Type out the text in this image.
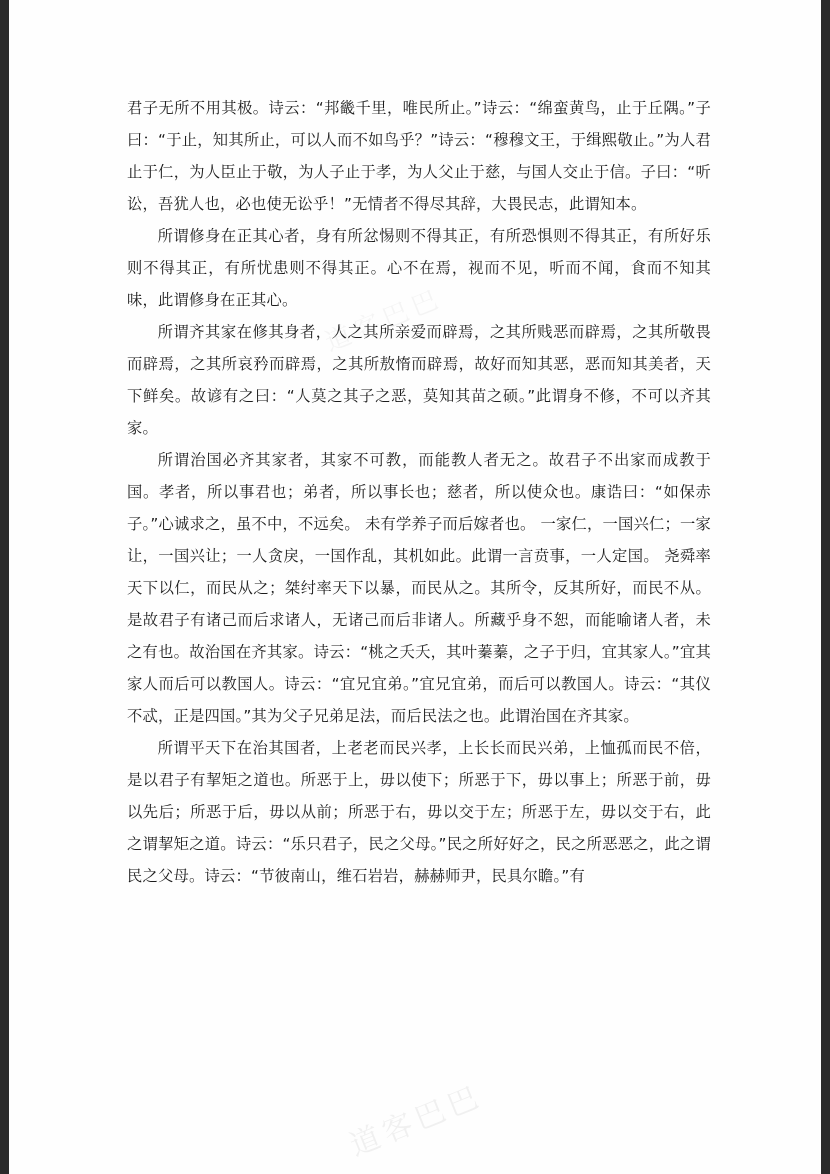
君子无所不用其极。诗云：“邦畿千里，唯民所止。”诗云：“绵蛮黄鸟，止于丘隅。”子曰：“于止，知其所止，可以人而不如鸟乎？”诗云：“穆穆文王，于缉熙敬止。”为人君止于仁，为人臣止于敬，为人子止于孝，为人父止于慈，与国人交止于信。子曰：“听讼，吾犹人也，必也使无讼乎！”无情者不得尽其辞，大畏民志，此谓知本。

所谓修身在正其心者，身有所忿惕则不得其正，有所恐惧则不得其正，有所好乐则不得其正，有所忧患则不得其正。心不在焉，视而不见，听而不闻，食而不知其味，此谓修身在正其心。

所谓齐其家在修其身者，人之其所亲爱而辟焉，之其所贱恶而辟焉，之其所敬畏而辟焉，之其所哀矜而辟焉，之其所敖惰而辟焉，故好而知其恶，恶而知其美者，天下鲜矣。故谚有之曰：“人莫之其子之恶，莫知其苗之硕。”此谓身不修，不可以齐其家。

所谓治国必齐其家者，其家不可教，而能教人者无之。故君子不出家而成教于国。孝者，所以事君也；弟者，所以事长也；慈者，所以使众也。康诰曰：“如保赤子。”心诚求之，虽不中，不远矣。 未有学养子而后嫁者也。 一家仁，一国兴仁；一家让，一国兴让；一人贪戾，一国作乱，其机如此。此谓一言贲事，一人定国。 尧舜率天下以仁，而民从之；桀纣率天下以暴，而民从之。其所令，反其所好，而民不从。是故君子有诸己而后求诸人，无诸己而后非诸人。所藏乎身不恕，而能喻诸人者，未之有也。故治国在齐其家。诗云：“桃之夭夭，其叶蓁蓁，之子于归，宜其家人。”宜其家人而后可以教国人。诗云：“宜兄宜弟。”宜兄宜弟，而后可以教国人。诗云：“其仪不忒，正是四国。”其为父子兄弟足法，而后民法之也。此谓治国在齐其家。

所谓平天下在治其国者，上老老而民兴孝，上长长而民兴弟，上恤孤而民不倍，是以君子有挈矩之道也。所恶于上，毋以使下；所恶于下，毋以事上；所恶于前，毋以先后；所恶于后，毋以从前；所恶于右，毋以交于左；所恶于左，毋以交于右，此之谓挈矩之道。诗云：“乐只君子，民之父母。”民之所好好之，民之所恶恶之，此之谓民之父母。诗云：“节彼南山，维石岩岩，赫赫师尹，民具尔瞻。”有

道客巴巴
